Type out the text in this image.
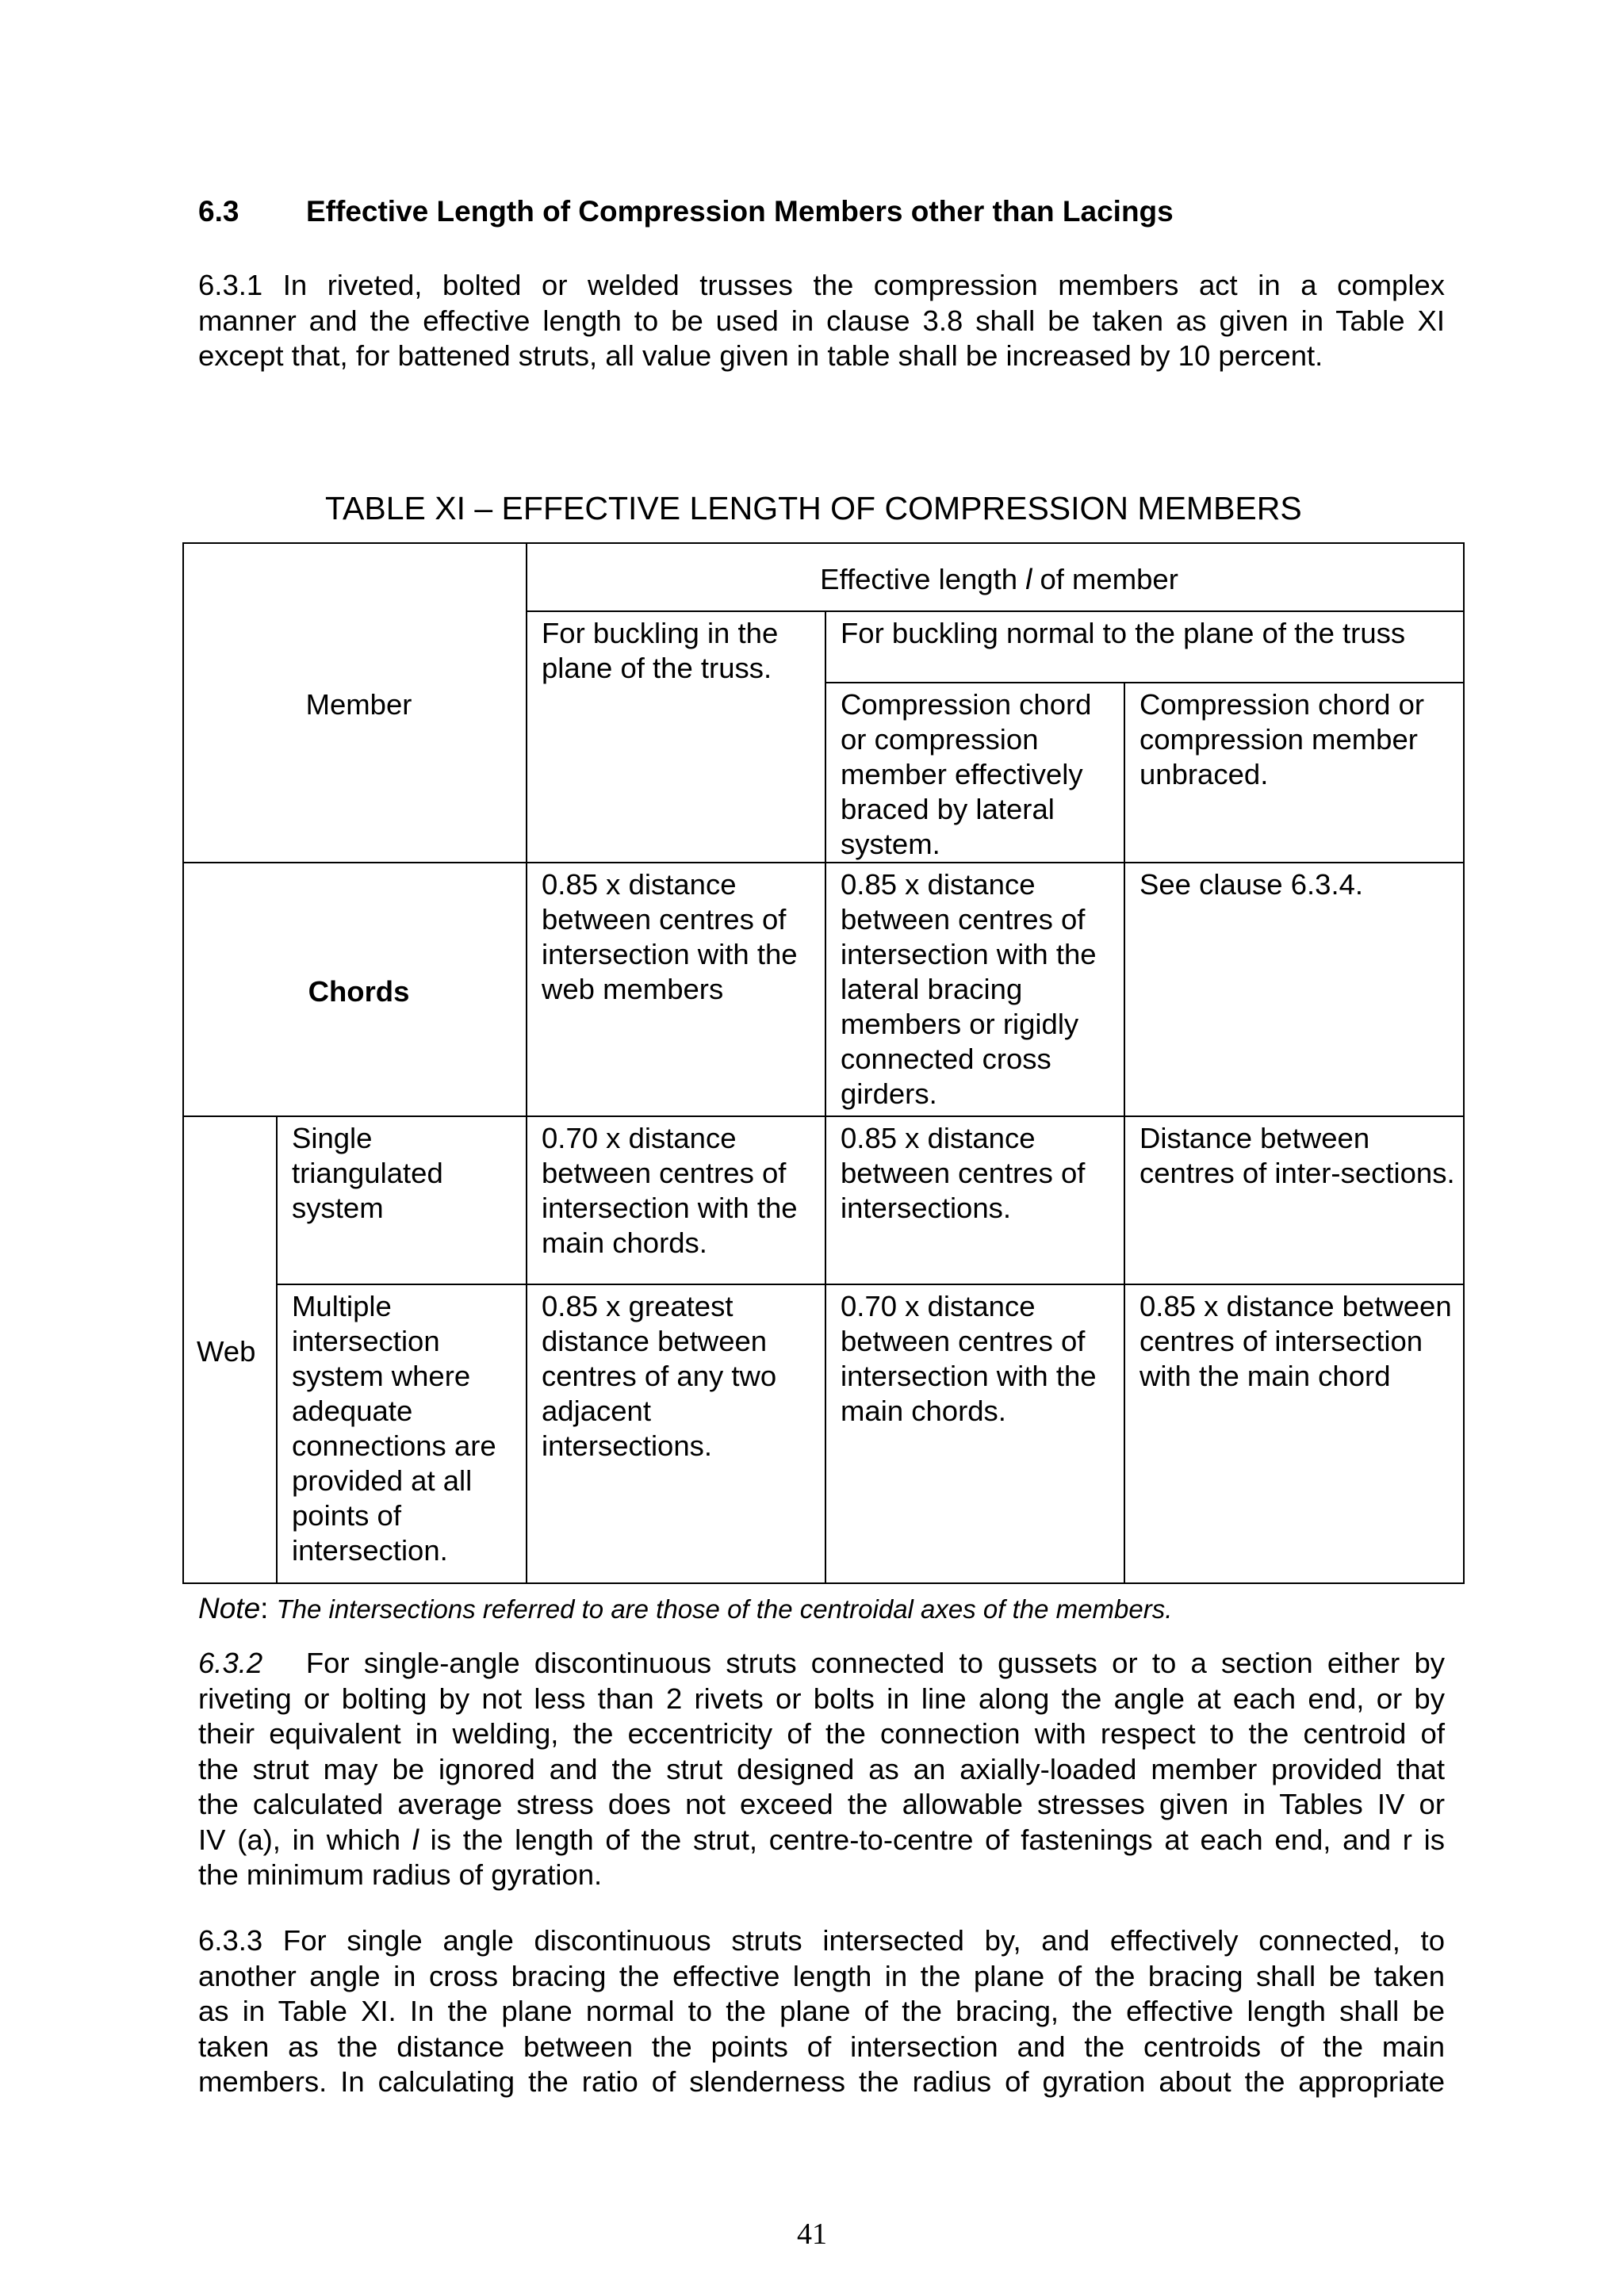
6.3 Effective Length of Compression Members other than Lacings
6.3.1 In riveted, bolted or welded trusses the compression members act in a complex
manner and the effective length to be used in clause 3.8 shall be taken as given in Table XI
except that, for battened struts, all value given in table shall be increased by 10 percent.
TABLE XI – EFFECTIVE LENGTH OF COMPRESSION MEMBERS
Member		Effective length l of member		
		For buckling in the plane of the truss.	For buckling normal to the plane of the truss	
			Compression chord or compression member effectively braced by lateral system.	Compression chord or compression member unbraced.
Chords		0.85 x distance between centres of intersection with the web members	0.85 x distance between centres of intersection with the lateral bracing members or rigidly connected cross girders.	See clause 6.3.4.
Web	Single triangulated system	0.70 x distance between centres of intersection with the main chords.	0.85 x distance between centres of intersections.	Distance between centres of inter-sections.
	Multiple intersection system where adequate connections are provided at all points of intersection.	0.85 x greatest distance between centres of any two adjacent intersections.	0.70 x distance between centres of intersection with the main chords.	0.85 x distance between centres of intersection with the main chord
Note: The intersections referred to are those of the centroidal axes of the members.
6.3.2 For single-angle discontinuous struts connected to gussets or to a section either by
riveting or bolting by not less than 2 rivets or bolts in line along the angle at each end, or by
their equivalent in welding, the eccentricity of the connection with respect to the centroid of
the strut may be ignored and the strut designed as an axially-loaded member provided that
the calculated average stress does not exceed the allowable stresses given in Tables IV or
IV (a), in which l is the length of the strut, centre-to-centre of fastenings at each end, and r is
the minimum radius of gyration.
6.3.3 For single angle discontinuous struts intersected by, and effectively connected, to
another angle in cross bracing the effective length in the plane of the bracing shall be taken
as in Table XI. In the plane normal to the plane of the bracing, the effective length shall be
taken as the distance between the points of intersection and the centroids of the main
members. In calculating the ratio of slenderness the radius of gyration about the appropriate
41
